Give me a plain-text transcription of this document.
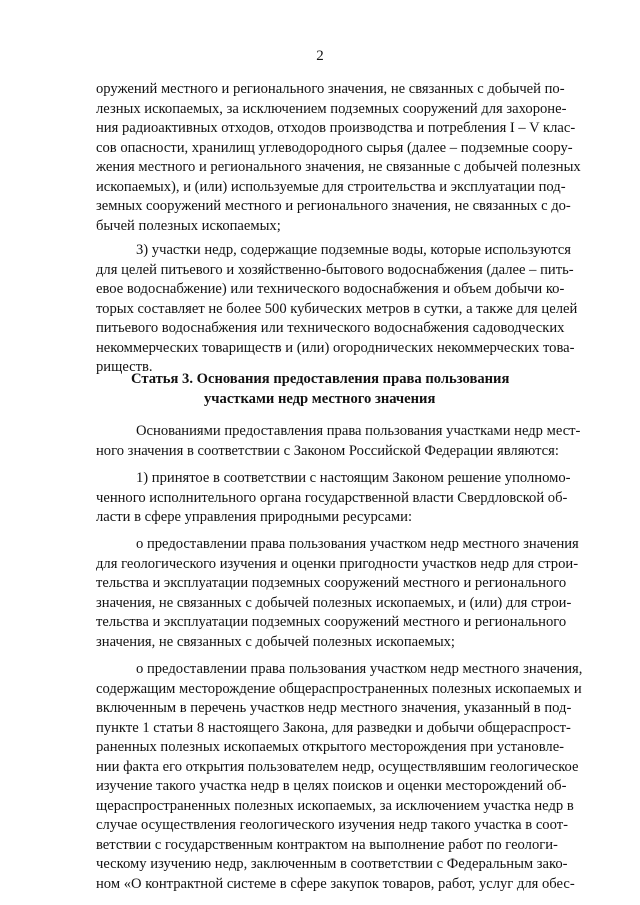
2
оружений местного и регионального значения, не связанных с добычей по-
лезных ископаемых, за исключением подземных сооружений для захороне-
ния радиоактивных отходов, отходов производства и потребления I – V клас-
сов опасности, хранилищ углеводородного сырья (далее – подземные соору-
жения местного и регионального значения, не связанные с добычей полезных
ископаемых), и (или) используемые для строительства и эксплуатации под-
земных сооружений местного и регионального значения, не связанных с до-
бычей полезных ископаемых;
3) участки недр, содержащие подземные воды, которые используются
для целей питьевого и хозяйственно-бытового водоснабжения (далее – пить-
евое водоснабжение) или технического водоснабжения и объем добычи ко-
торых составляет не более 500 кубических метров в сутки, а также для целей
питьевого водоснабжения или технического водоснабжения садоводческих
некоммерческих товариществ и (или) огороднических некоммерческих това-
риществ.
Статья 3. Основания предоставления права пользования
участками недр местного значения
Основаниями предоставления права пользования участками недр мест-
ного значения в соответствии с Законом Российской Федерации являются:
1) принятое в соответствии с настоящим Законом решение уполномо-
ченного исполнительного органа государственной власти Свердловской об-
ласти в сфере управления природными ресурсами:
о предоставлении права пользования участком недр местного значения
для геологического изучения и оценки пригодности участков недр для строи-
тельства и эксплуатации подземных сооружений местного и регионального
значения, не связанных с добычей полезных ископаемых, и (или) для строи-
тельства и эксплуатации подземных сооружений местного и регионального
значения, не связанных с добычей полезных ископаемых;
о предоставлении права пользования участком недр местного значения,
содержащим месторождение общераспространенных полезных ископаемых и
включенным в перечень участков недр местного значения, указанный в под-
пункте 1 статьи 8 настоящего Закона, для разведки и добычи общераспрост-
раненных полезных ископаемых открытого месторождения при установле-
нии факта его открытия пользователем недр, осуществлявшим геологическое
изучение такого участка недр в целях поисков и оценки месторождений об-
щераспространенных полезных ископаемых, за исключением участка недр в
случае осуществления геологического изучения недр такого участка в соот-
ветствии с государственным контрактом на выполнение работ по геологи-
ческому изучению недр, заключенным в соответствии с Федеральным зако-
ном «О контрактной системе в сфере закупок товаров, работ, услуг для обес-
